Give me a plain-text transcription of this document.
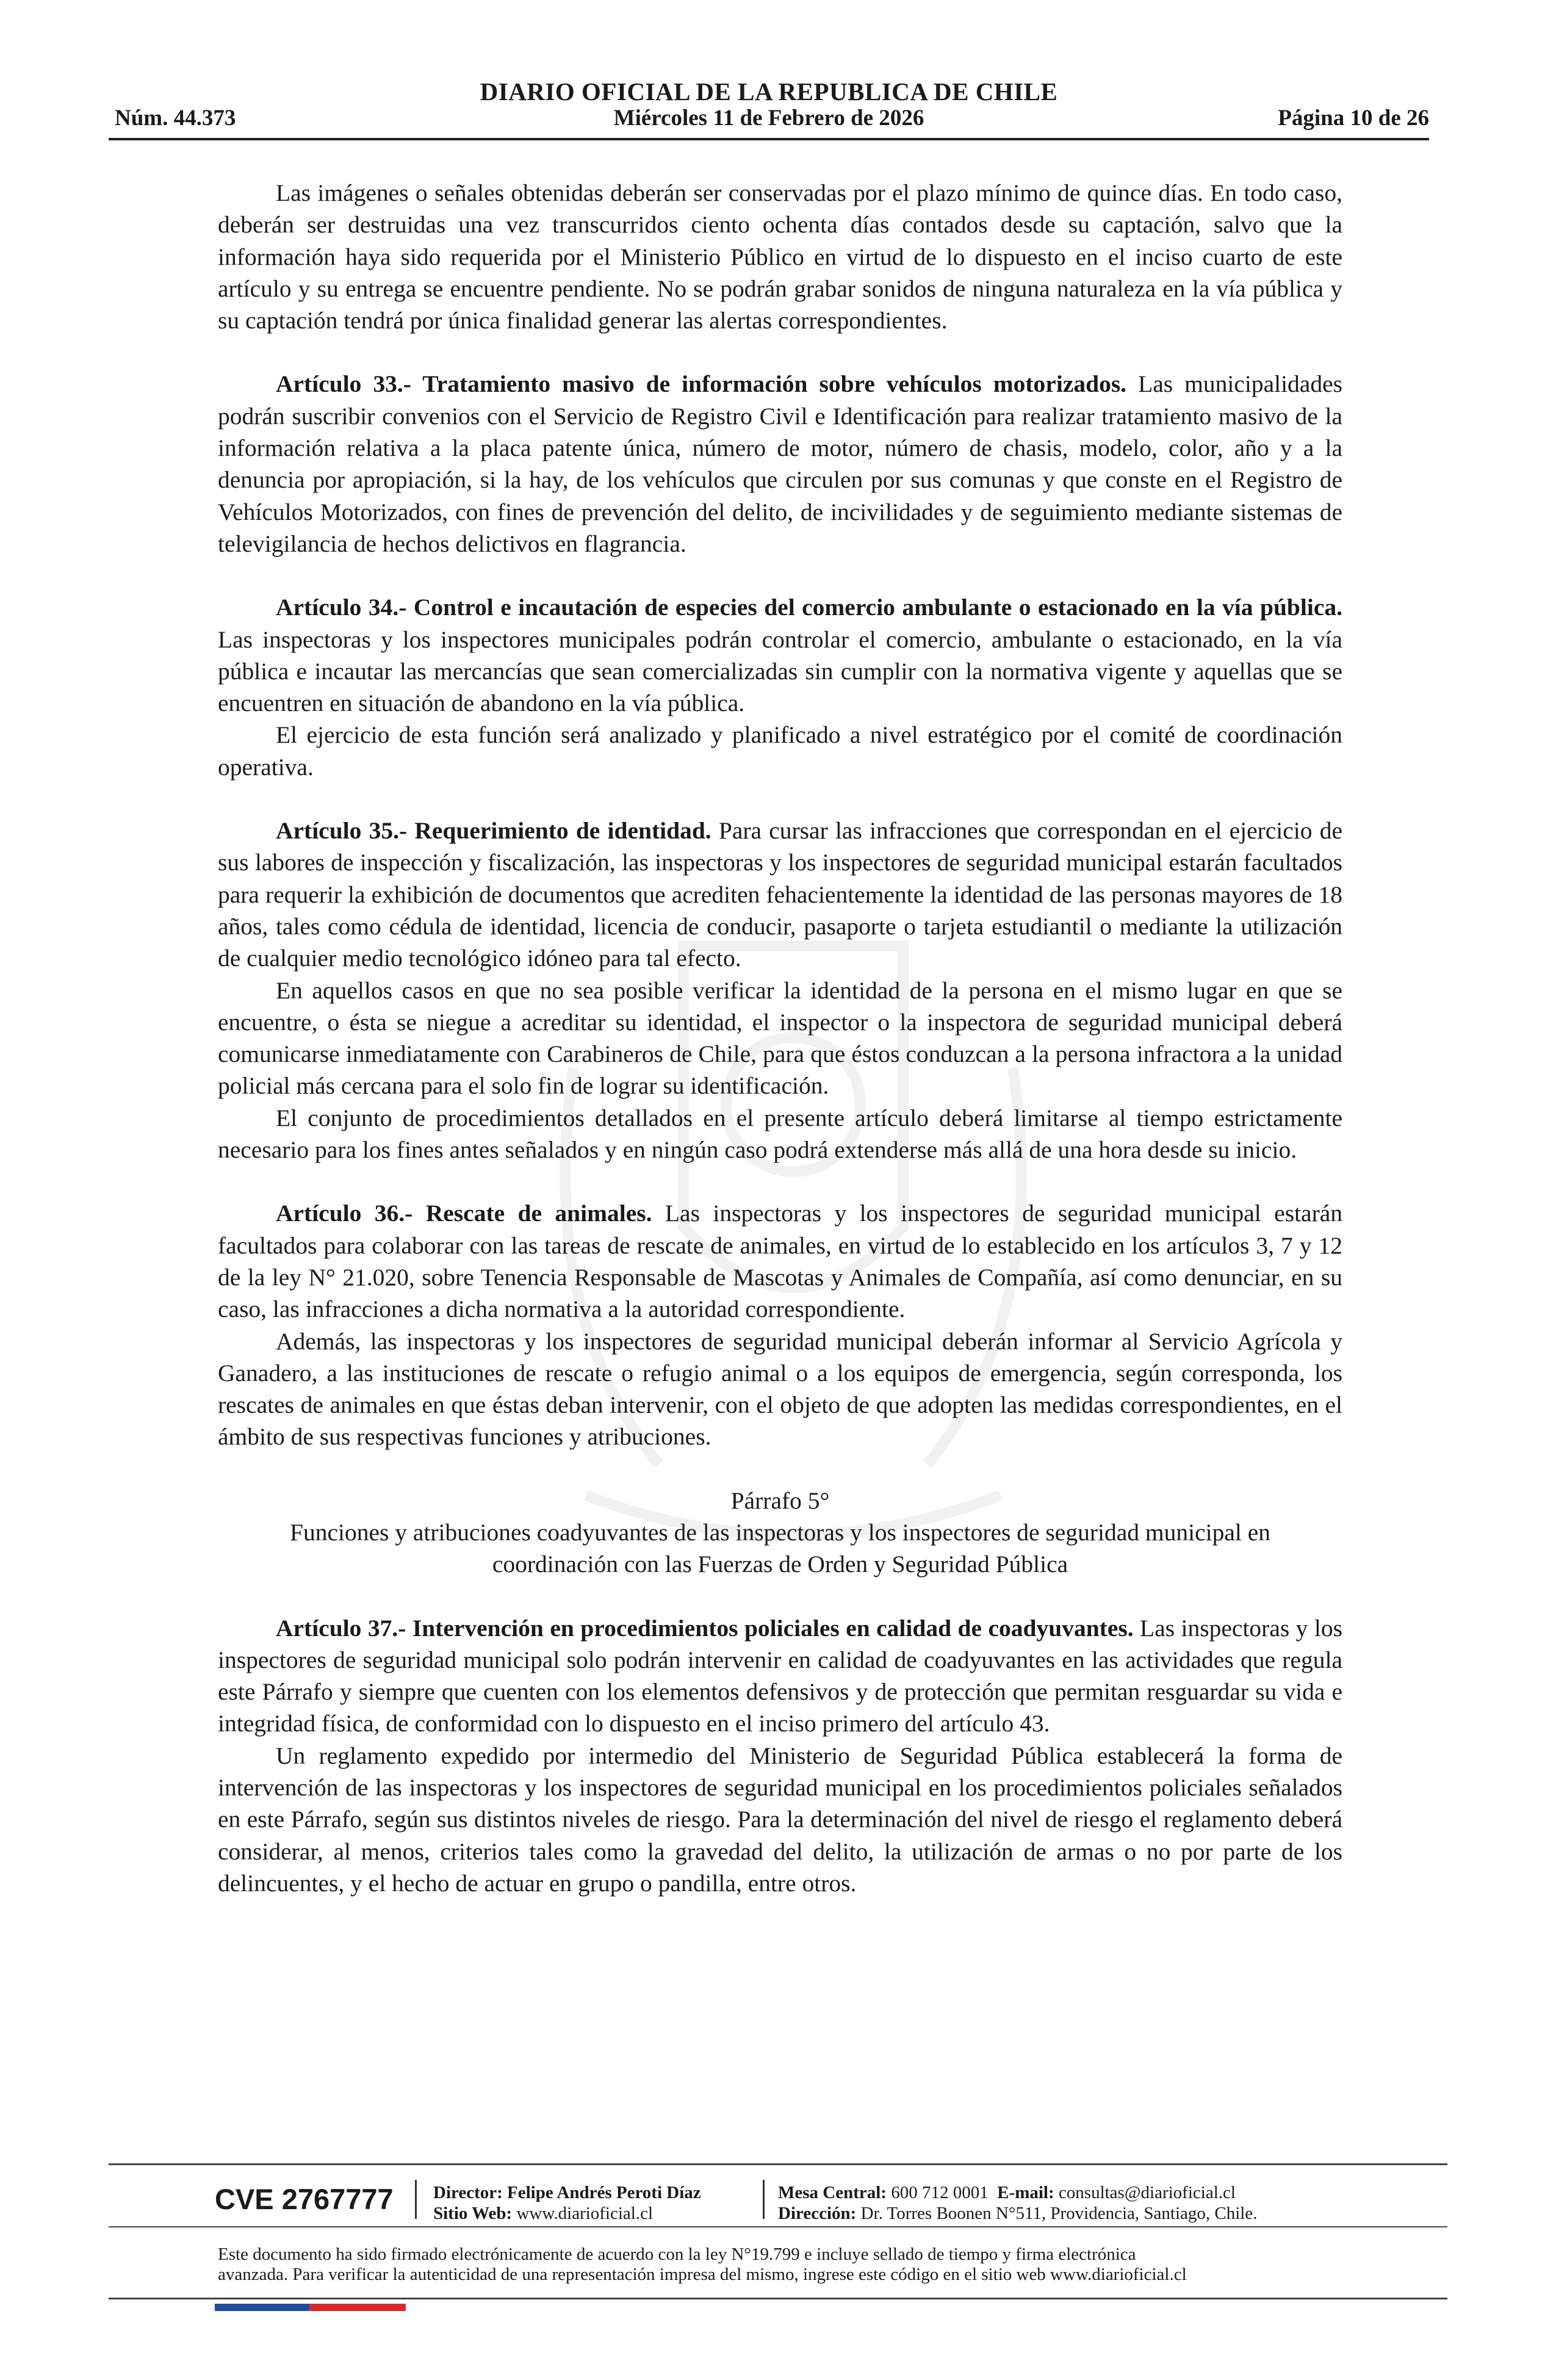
DIARIO OFICIAL DE LA REPUBLICA DE CHILE
Núm. 44.373	Miércoles 11 de Febrero de 2026	Página 10 de 26

Las imágenes o señales obtenidas deberán ser conservadas por el plazo mínimo de quince días. En todo caso, deberán ser destruidas una vez transcurridos ciento ochenta días contados desde su captación, salvo que la información haya sido requerida por el Ministerio Público en virtud de lo dispuesto en el inciso cuarto de este artículo y su entrega se encuentre pendiente. No se podrán grabar sonidos de ninguna naturaleza en la vía pública y su captación tendrá por única finalidad generar las alertas correspondientes.

Artículo 33.- Tratamiento masivo de información sobre vehículos motorizados. Las municipalidades podrán suscribir convenios con el Servicio de Registro Civil e Identificación para realizar tratamiento masivo de la información relativa a la placa patente única, número de motor, número de chasis, modelo, color, año y a la denuncia por apropiación, si la hay, de los vehículos que circulen por sus comunas y que conste en el Registro de Vehículos Motorizados, con fines de prevención del delito, de incivilidades y de seguimiento mediante sistemas de televigilancia de hechos delictivos en flagrancia.

Artículo 34.- Control e incautación de especies del comercio ambulante o estacionado en la vía pública. Las inspectoras y los inspectores municipales podrán controlar el comercio, ambulante o estacionado, en la vía pública e incautar las mercancías que sean comercializadas sin cumplir con la normativa vigente y aquellas que se encuentren en situación de abandono en la vía pública.

El ejercicio de esta función será analizado y planificado a nivel estratégico por el comité de coordinación operativa.

Artículo 35.- Requerimiento de identidad. Para cursar las infracciones que correspondan en el ejercicio de sus labores de inspección y fiscalización, las inspectoras y los inspectores de seguridad municipal estarán facultados para requerir la exhibición de documentos que acrediten fehacientemente la identidad de las personas mayores de 18 años, tales como cédula de identidad, licencia de conducir, pasaporte o tarjeta estudiantil o mediante la utilización de cualquier medio tecnológico idóneo para tal efecto.

En aquellos casos en que no sea posible verificar la identidad de la persona en el mismo lugar en que se encuentre, o ésta se niegue a acreditar su identidad, el inspector o la inspectora de seguridad municipal deberá comunicarse inmediatamente con Carabineros de Chile, para que éstos conduzcan a la persona infractora a la unidad policial más cercana para el solo fin de lograr su identificación.

El conjunto de procedimientos detallados en el presente artículo deberá limitarse al tiempo estrictamente necesario para los fines antes señalados y en ningún caso podrá extenderse más allá de una hora desde su inicio.

Artículo 36.- Rescate de animales. Las inspectoras y los inspectores de seguridad municipal estarán facultados para colaborar con las tareas de rescate de animales, en virtud de lo establecido en los artículos 3, 7 y 12 de la ley N° 21.020, sobre Tenencia Responsable de Mascotas y Animales de Compañía, así como denunciar, en su caso, las infracciones a dicha normativa a la autoridad correspondiente.

Además, las inspectoras y los inspectores de seguridad municipal deberán informar al Servicio Agrícola y Ganadero, a las instituciones de rescate o refugio animal o a los equipos de emergencia, según corresponda, los rescates de animales en que éstas deban intervenir, con el objeto de que adopten las medidas correspondientes, en el ámbito de sus respectivas funciones y atribuciones.

Párrafo 5°

Funciones y atribuciones coadyuvantes de las inspectoras y los inspectores de seguridad municipal en

coordinación con las Fuerzas de Orden y Seguridad Pública

Artículo 37.- Intervención en procedimientos policiales en calidad de coadyuvantes. Las inspectoras y los inspectores de seguridad municipal solo podrán intervenir en calidad de coadyuvantes en las actividades que regula este Párrafo y siempre que cuenten con los elementos defensivos y de protección que permitan resguardar su vida e integridad física, de conformidad con lo dispuesto en el inciso primero del artículo 43.

Un reglamento expedido por intermedio del Ministerio de Seguridad Pública establecerá la forma de intervención de las inspectoras y los inspectores de seguridad municipal en los procedimientos policiales señalados en este Párrafo, según sus distintos niveles de riesgo. Para la determinación del nivel de riesgo el reglamento deberá considerar, al menos, criterios tales como la gravedad del delito, la utilización de armas o no por parte de los delincuentes, y el hecho de actuar en grupo o pandilla, entre otros.

CVE 2767777 Director: Felipe Andrés Peroti Díaz
Sitio Web: www.diarioficial.cl
Mesa Central: 600 712 0001 E-mail: consultas@diarioficial.cl
Dirección: Dr. Torres Boonen N°511, Providencia, Santiago, Chile.
Este documento ha sido firmado electrónicamente de acuerdo con la ley N°19.799 e incluye sellado de tiempo y firma electrónica
avanzada. Para verificar la autenticidad de una representación impresa del mismo, ingrese este código en el sitio web www.diarioficial.cl
